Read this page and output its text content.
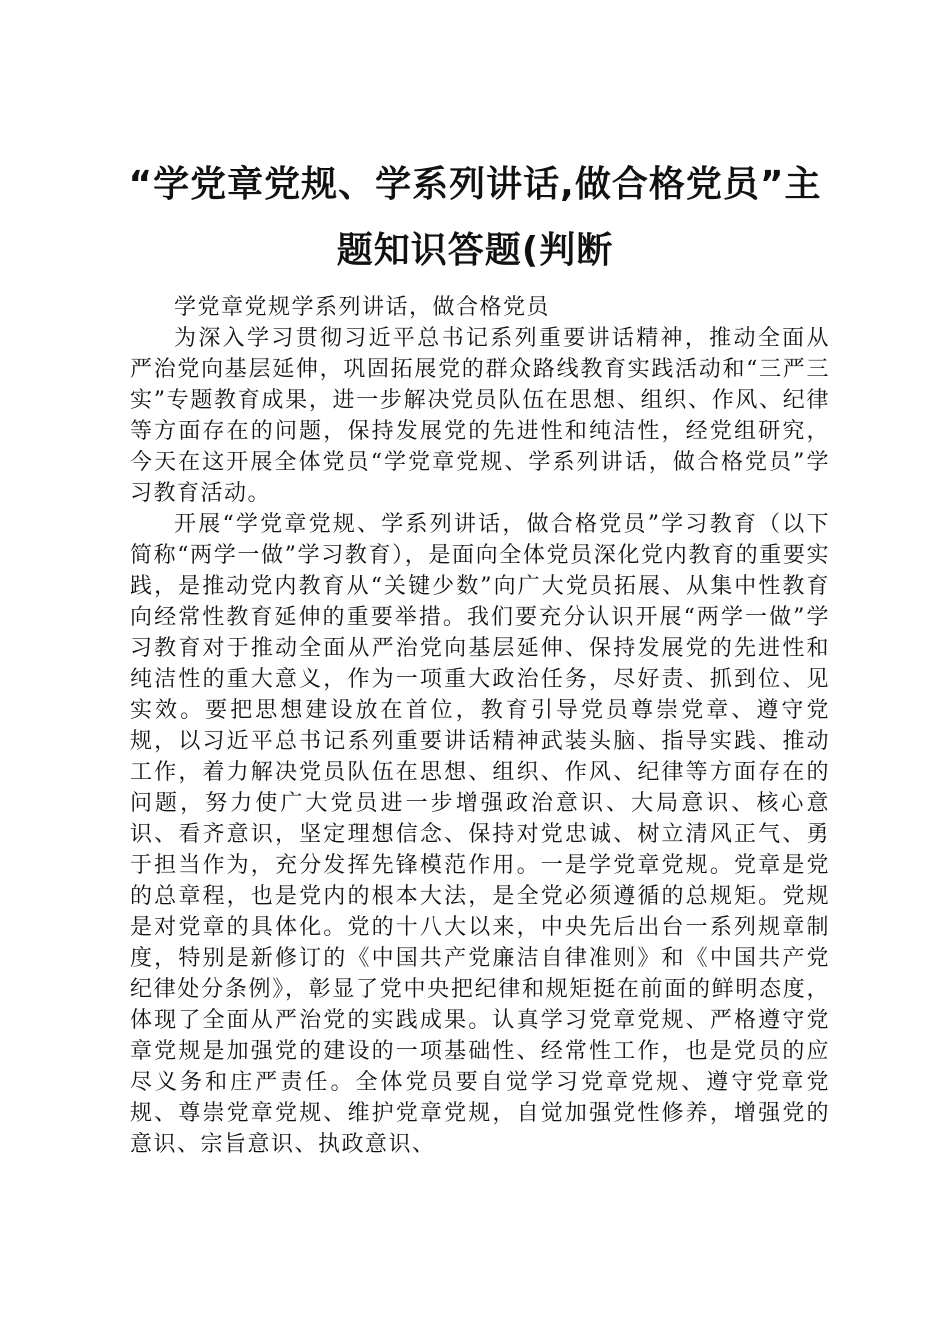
“学党章党规、学系列讲话,做合格党员”主题知识答题(判断

学党章党规学系列讲话，做合格党员

为深入学习贯彻习近平总书记系列重要讲话精神，推动全面从严治党向基层延伸，巩固拓展党的群众路线教育实践活动和“三严三实”专题教育成果，进一步解决党员队伍在思想、组织、作风、纪律等方面存在的问题，保持发展党的先进性和纯洁性，经党组研究，今天在这开展全体党员“学党章党规、学系列讲话，做合格党员”学习教育活动。

开展“学党章党规、学系列讲话，做合格党员”学习教育（以下简称“两学一做”学习教育），是面向全体党员深化党内教育的重要实践，是推动党内教育从“关键少数”向广大党员拓展、从集中性教育向经常性教育延伸的重要举措。我们要充分认识开展“两学一做”学习教育对于推动全面从严治党向基层延伸、保持发展党的先进性和纯洁性的重大意义，作为一项重大政治任务，尽好责、抓到位、见实效。要把思想建设放在首位，教育引导党员尊崇党章、遵守党规，以习近平总书记系列重要讲话精神武装头脑、指导实践、推动工作，着力解决党员队伍在思想、组织、作风、纪律等方面存在的问题，努力使广大党员进一步增强政治意识、大局意识、核心意识、看齐意识，坚定理想信念、保持对党忠诚、树立清风正气、勇于担当作为，充分发挥先锋模范作用。一是学党章党规。党章是党的总章程，也是党内的根本大法，是全党必须遵循的总规矩。党规是对党章的具体化。党的十八大以来，中央先后出台一系列规章制度，特别是新修订的《中国共产党廉洁自律准则》和《中国共产党纪律处分条例》，彰显了党中央把纪律和规矩挺在前面的鲜明态度，体现了全面从严治党的实践成果。认真学习党章党规、严格遵守党章党规是加强党的建设的一项基础性、经常性工作，也是党员的应尽义务和庄严责任。全体党员要自觉学习党章党规、遵守党章党规、尊崇党章党规、维护党章党规，自觉加强党性修养，增强党的意识、宗旨意识、执政意识、
